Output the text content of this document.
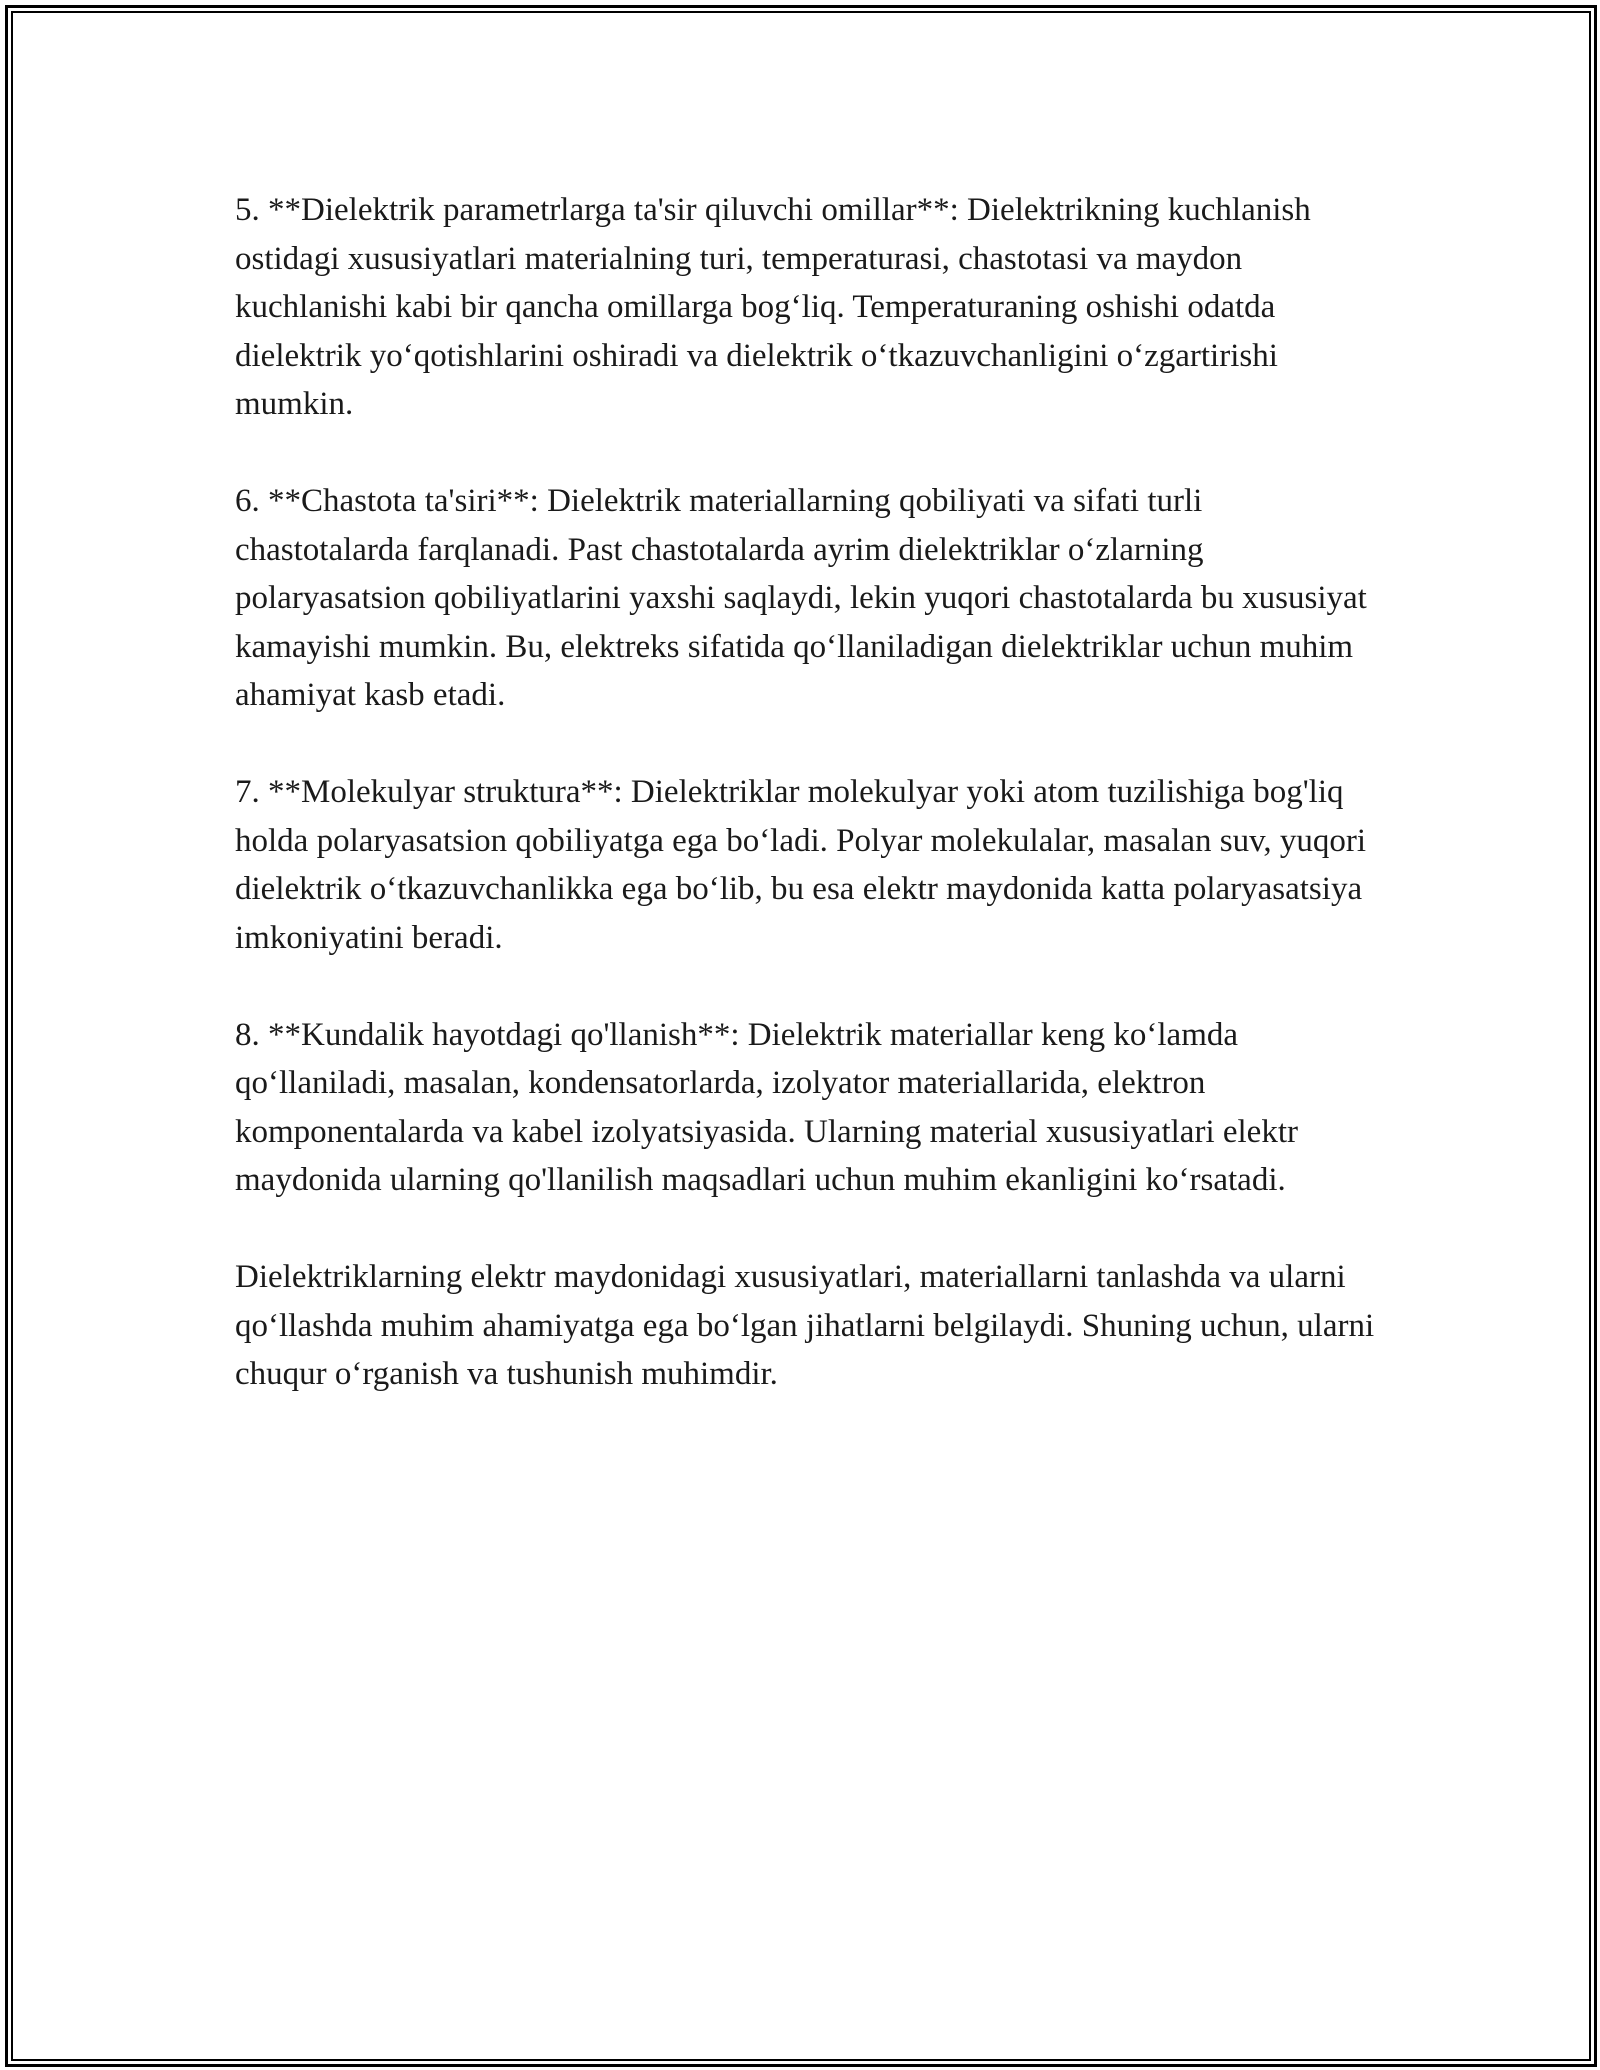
5. **Dielektrik parametrlarga ta'sir qiluvchi omillar**: Dielektrikning kuchlanish ostidagi xususiyatlari materialning turi, temperaturasi, chastotasi va maydon kuchlanishi kabi bir qancha omillarga bog‘liq. Temperaturaning oshishi odatda dielektrik yo‘qotishlarini oshiradi va dielektrik o‘tkazuvchanligini o‘zgartirishi mumkin.

6. **Chastota ta'siri**: Dielektrik materiallarning qobiliyati va sifati turli chastotalarda farqlanadi. Past chastotalarda ayrim dielektriklar o‘zlarning polaryasatsion qobiliyatlarini yaxshi saqlaydi, lekin yuqori chastotalarda bu xususiyat kamayishi mumkin. Bu, elektreks sifatida qo‘llaniladigan dielektriklar uchun muhim ahamiyat kasb etadi.

7. **Molekulyar struktura**: Dielektriklar molekulyar yoki atom tuzilishiga bog'liq holda polaryasatsion qobiliyatga ega bo‘ladi. Polyar molekulalar, masalan suv, yuqori dielektrik o‘tkazuvchanlikka ega bo‘lib, bu esa elektr maydonida katta polaryasatsiya imkoniyatini beradi.

8. **Kundalik hayotdagi qo'llanish**: Dielektrik materiallar keng ko‘lamda qo‘llaniladi, masalan, kondensatorlarda, izolyator materiallarida, elektron komponentalarda va kabel izolyatsiyasida. Ularning material xususiyatlari elektr maydonida ularning qo'llanilish maqsadlari uchun muhim ekanligini ko‘rsatadi.

Dielektriklarning elektr maydonidagi xususiyatlari, materiallarni tanlashda va ularni qo‘llashda muhim ahamiyatga ega bo‘lgan jihatlarni belgilaydi. Shuning uchun, ularni chuqur o‘rganish va tushunish muhimdir.
